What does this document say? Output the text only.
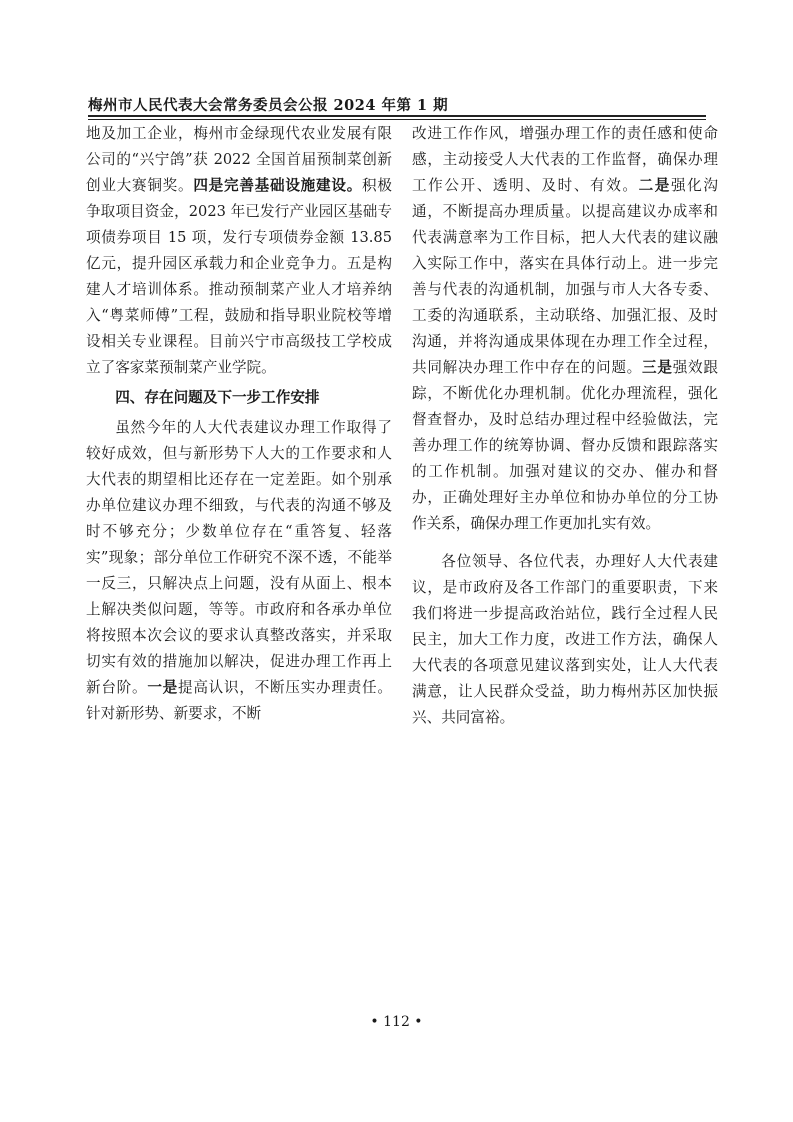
梅州市人民代表大会常务委员会公报 2024 年第 1 期

地及加工企业，梅州市金绿现代农业发展有限公司的“兴宁鸽”获 2022 全国首届预制菜创新创业大赛铜奖。四是完善基础设施建设。积极争取项目资金，2023 年已发行产业园区基础专项债券项目 15 项，发行专项债券金额 13.85 亿元，提升园区承载力和企业竞争力。五是构建人才培训体系。推动预制菜产业人才培养纳入“粤菜师傅”工程，鼓励和指导职业院校等增设相关专业课程。目前兴宁市高级技工学校成立了客家菜预制菜产业学院。

四、存在问题及下一步工作安排

虽然今年的人大代表建议办理工作取得了较好成效，但与新形势下人大的工作要求和人大代表的期望相比还存在一定差距。如个别承办单位建议办理不细致，与代表的沟通不够及时不够充分；少数单位存在“重答复、轻落实”现象；部分单位工作研究不深不透，不能举一反三，只解决点上问题，没有从面上、根本上解决类似问题，等等。市政府和各承办单位将按照本次会议的要求认真整改落实，并采取切实有效的措施加以解决，促进办理工作再上新台阶。一是提高认识，不断压实办理责任。针对新形势、新要求，不断

改进工作作风，增强办理工作的责任感和使命感，主动接受人大代表的工作监督，确保办理工作公开、透明、及时、有效。二是强化沟通，不断提高办理质量。以提高建议办成率和代表满意率为工作目标，把人大代表的建议融入实际工作中，落实在具体行动上。进一步完善与代表的沟通机制，加强与市人大各专委、工委的沟通联系，主动联络、加强汇报、及时沟通，并将沟通成果体现在办理工作全过程，共同解决办理工作中存在的问题。三是强效跟踪，不断优化办理机制。优化办理流程，强化督查督办，及时总结办理过程中经验做法，完善办理工作的统筹协调、督办反馈和跟踪落实的工作机制。加强对建议的交办、催办和督办，正确处理好主办单位和协办单位的分工协作关系，确保办理工作更加扎实有效。

各位领导、各位代表，办理好人大代表建议，是市政府及各工作部门的重要职责，下来我们将进一步提高政治站位，践行全过程人民民主，加大工作力度，改进工作方法，确保人大代表的各项意见建议落到实处，让人大代表满意，让人民群众受益，助力梅州苏区加快振兴、共同富裕。

• 112 •
